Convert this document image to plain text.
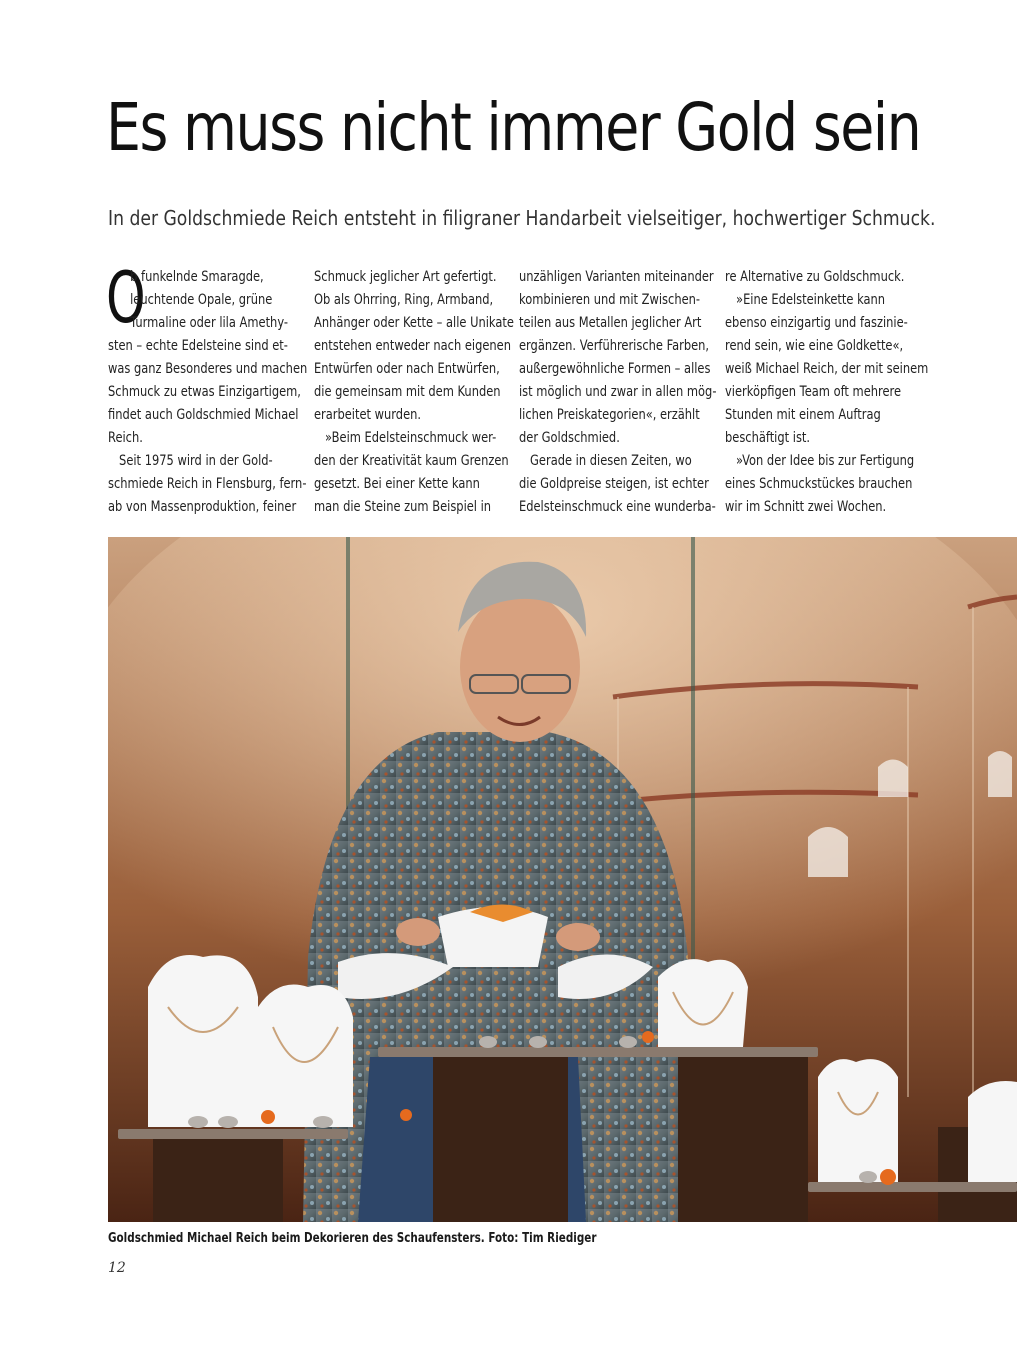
Es muss nicht immer Gold sein

In der Goldschmiede Reich entsteht in filigraner Handarbeit vielseitiger, hochwertiger Schmuck.

O
b funkelnde Smaragde,
leuchtende Opale, grüne
Turmaline oder lila Amethy-
sten – echte Edelsteine sind et-
was ganz Besonderes und machen
Schmuck zu etwas Einzigartigem,
findet auch Goldschmied Michael
Reich.
Seit 1975 wird in der Gold-
schmiede Reich in Flensburg, fern-
ab von Massenproduktion, feiner
Schmuck jeglicher Art gefertigt.
Ob als Ohrring, Ring, Armband,
Anhänger oder Kette – alle Unikate
entstehen entweder nach eigenen
Entwürfen oder nach Entwürfen,
die gemeinsam mit dem Kunden
erarbeitet wurden.
»Beim Edelsteinschmuck wer-
den der Kreativität kaum Grenzen
gesetzt. Bei einer Kette kann
man die Steine zum Beispiel in
unzähligen Varianten miteinander
kombinieren und mit Zwischen-
teilen aus Metallen jeglicher Art
ergänzen. Verführerische Farben,
außergewöhnliche Formen – alles
ist möglich und zwar in allen mög-
lichen Preiskategorien«, erzählt
der Goldschmied.
Gerade in diesen Zeiten, wo
die Goldpreise steigen, ist echter
Edelsteinschmuck eine wunderba-
re Alternative zu Goldschmuck.
»Eine Edelsteinkette kann
ebenso einzigartig und faszinie-
rend sein, wie eine Goldkette«,
weiß Michael Reich, der mit seinem
vierköpfigen Team oft mehrere
Stunden mit einem Auftrag
beschäftigt ist.
»Von der Idee bis zur Fertigung
eines Schmuckstückes brauchen
wir im Schnitt zwei Wochen.

Goldschmied Michael Reich beim Dekorieren des Schaufensters. Foto: Tim Riediger

12
